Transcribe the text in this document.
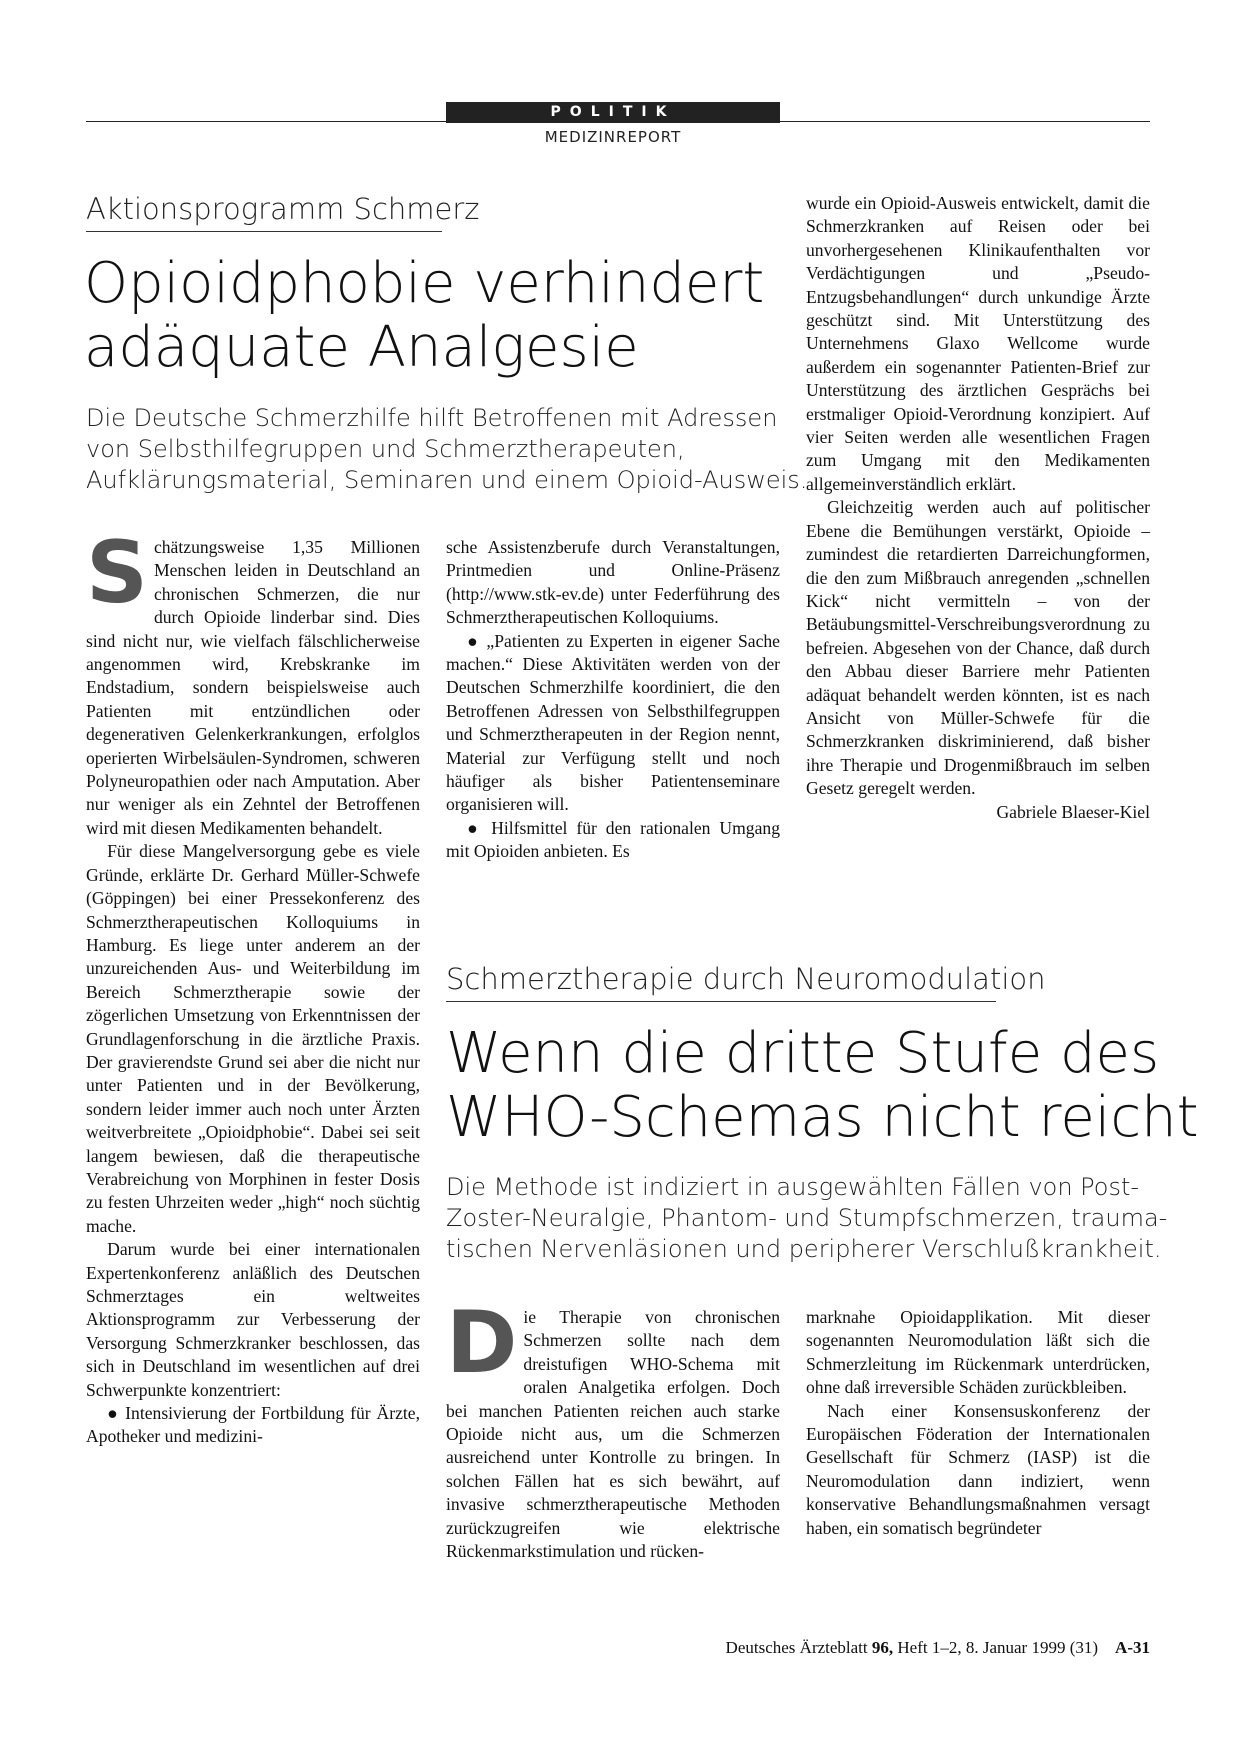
POLITIK
MEDIZINREPORT
Aktionsprogramm Schmerz
Opioidphobie verhindert
adäquate Analgesie
Die Deutsche Schmerzhilfe hilft Betroffenen mit Adressen
von Selbsthilfegruppen und Schmerztherapeuten,
Aufklärungsmaterial, Seminaren und einem Opioid-Ausweis.
S chätzungsweise 1,35 Millionen Menschen leiden in Deutschland an chronischen Schmerzen, die nur durch Opioide linderbar sind. Dies sind nicht nur, wie vielfach fälschlicherweise angenommen wird, Krebskranke im Endstadium, sondern beispielsweise auch Patienten mit entzündlichen oder degenerativen Gelenkerkrankungen, erfolglos operierten Wirbelsäulen-Syndromen, schweren Polyneuropathien oder nach Amputation. Aber nur weniger als ein Zehntel der Betroffenen wird mit diesen Medikamenten behandelt.

Für diese Mangelversorgung gebe es viele Gründe, erklärte Dr. Gerhard Müller-Schwefe (Göppingen) bei einer Pressekonferenz des Schmerztherapeutischen Kolloquiums in Hamburg. Es liege unter anderem an der unzureichenden Aus- und Weiterbildung im Bereich Schmerztherapie sowie der zögerlichen Umsetzung von Erkenntnissen der Grundlagenforschung in die ärztliche Praxis. Der gravierendste Grund sei aber die nicht nur unter Patienten und in der Bevölkerung, sondern leider immer auch noch unter Ärzten weitverbreitete „Opioidphobie“. Dabei sei seit langem bewiesen, daß die therapeutische Verabreichung von Morphinen in fester Dosis zu festen Uhrzeiten weder „high“ noch süchtig mache.

Darum wurde bei einer internationalen Expertenkonferenz anläßlich des Deutschen Schmerztages ein weltweites Aktionsprogramm zur Verbesserung der Versorgung Schmerzkranker beschlossen, das sich in Deutschland im wesentlichen auf drei Schwerpunkte konzentriert:

● Intensivierung der Fortbildung für Ärzte, Apotheker und medizini-

sche Assistenzberufe durch Veranstaltungen, Printmedien und Online-Präsenz (http://www.stk-ev.de) unter Federführung des Schmerztherapeutischen Kolloquiums.

● „Patienten zu Experten in eigener Sache machen.“ Diese Aktivitäten werden von der Deutschen Schmerzhilfe koordiniert, die den Betroffenen Adressen von Selbsthilfegruppen und Schmerztherapeuten in der Region nennt, Material zur Verfügung stellt und noch häufiger als bisher Patientenseminare organisieren will.

● Hilfsmittel für den rationalen Umgang mit Opioiden anbieten. Es

wurde ein Opioid-Ausweis entwickelt, damit die Schmerzkranken auf Reisen oder bei unvorhergesehenen Klinikaufenthalten vor Verdächtigungen und „Pseudo-Entzugsbehandlungen“ durch unkundige Ärzte geschützt sind. Mit Unterstützung des Unternehmens Glaxo Wellcome wurde außerdem ein sogenannter Patienten-Brief zur Unterstützung des ärztlichen Gesprächs bei erstmaliger Opioid-Verordnung konzipiert. Auf vier Seiten werden alle wesentlichen Fragen zum Umgang mit den Medikamenten allgemeinverständlich erklärt.

Gleichzeitig werden auch auf politischer Ebene die Bemühungen verstärkt, Opioide – zumindest die retardierten Darreichungformen, die den zum Mißbrauch anregenden „schnellen Kick“ nicht vermitteln – von der Betäubungsmittel-Verschreibungsverordnung zu befreien. Abgesehen von der Chance, daß durch den Abbau dieser Barriere mehr Patienten adäquat behandelt werden könnten, ist es nach Ansicht von Müller-Schwefe für die Schmerzkranken diskriminierend, daß bisher ihre Therapie und Drogenmißbrauch im selben Gesetz geregelt werden.
Gabriele Blaeser-Kiel

Schmerztherapie durch Neuromodulation
Wenn die dritte Stufe des
WHO-Schemas nicht reicht
Die Methode ist indiziert in ausgewählten Fällen von Post-
Zoster-Neuralgie, Phantom- und Stumpfschmerzen, trauma-
tischen Nervenläsionen und peripherer Verschlußkrankheit.
D ie Therapie von chronischen Schmerzen sollte nach dem dreistufigen WHO-Schema mit oralen Analgetika erfolgen. Doch bei manchen Patienten reichen auch starke Opioide nicht aus, um die Schmerzen ausreichend unter Kontrolle zu bringen. In solchen Fällen hat es sich bewährt, auf invasive schmerztherapeutische Methoden zurückzugreifen wie elektrische Rückenmarkstimulation und rücken-

marknahe Opioidapplikation. Mit dieser sogenannten Neuromodulation läßt sich die Schmerzleitung im Rückenmark unterdrücken, ohne daß irreversible Schäden zurückbleiben.

Nach einer Konsensuskonferenz der Europäischen Föderation der Internationalen Gesellschaft für Schmerz (IASP) ist die Neuromodulation dann indiziert, wenn konservative Behandlungsmaßnahmen versagt haben, ein somatisch begründeter

Deutsches Ärzteblatt 96, Heft 1–2, 8. Januar 1999 (31) A-31
